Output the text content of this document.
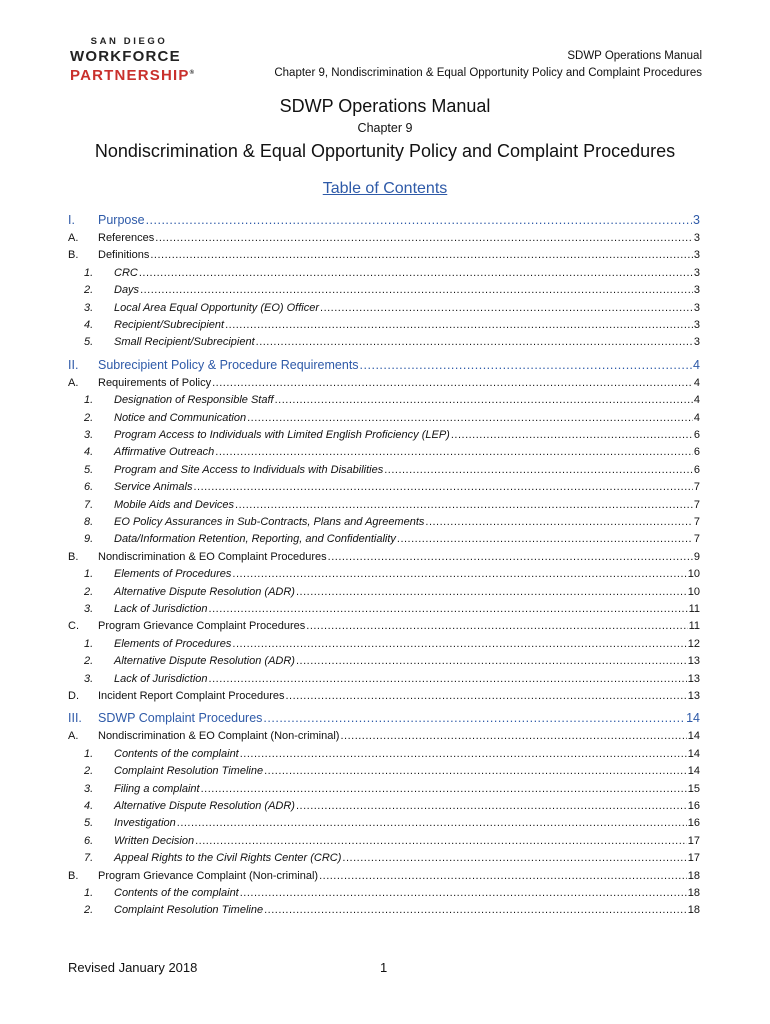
SAN DIEGO
WORKFORCE
PARTNERSHIP®
SDWP Operations Manual
Chapter 9, Nondiscrimination & Equal Opportunity Policy and Complaint Procedures
SDWP Operations Manual
Chapter 9
Nondiscrimination & Equal Opportunity Policy and Complaint Procedures
Table of Contents
I.	Purpose .....	3
A.	References .....	3
B.	Definitions .....	3
1.	CRC .....	3
2.	Days .....	3
3.	Local Area Equal Opportunity (EO) Officer .....	3
4.	Recipient/Subrecipient .....	3
5.	Small Recipient/Subrecipient .....	3
II.	Subrecipient Policy & Procedure Requirements .....	4
A.	Requirements of Policy .....	4
1.	Designation of Responsible Staff .....	4
2.	Notice and Communication .....	4
3.	Program Access to Individuals with Limited English Proficiency (LEP) .....	6
4.	Affirmative Outreach .....	6
5.	Program and Site Access to Individuals with Disabilities .....	6
6.	Service Animals .....	7
7.	Mobile Aids and Devices .....	7
8.	EO Policy Assurances in Sub-Contracts, Plans and Agreements .....	7
9.	Data/Information Retention, Reporting, and Confidentiality .....	7
B.	Nondiscrimination & EO Complaint Procedures .....	9
1.	Elements of Procedures .....	10
2.	Alternative Dispute Resolution (ADR) .....	10
3.	Lack of Jurisdiction .....	11
C.	Program Grievance Complaint Procedures .....	11
1.	Elements of Procedures .....	12
2.	Alternative Dispute Resolution (ADR) .....	13
3.	Lack of Jurisdiction .....	13
D.	Incident Report Complaint Procedures .....	13
III.	SDWP Complaint Procedures .....	14
A.	Nondiscrimination & EO Complaint (Non-criminal) .....	14
1.	Contents of the complaint .....	14
2.	Complaint Resolution Timeline .....	14
3.	Filing a complaint .....	15
4.	Alternative Dispute Resolution (ADR) .....	16
5.	Investigation .....	16
6.	Written Decision .....	17
7.	Appeal Rights to the Civil Rights Center (CRC) .....	17
B.	Program Grievance Complaint (Non-criminal) .....	18
1.	Contents of the complaint .....	18
2.	Complaint Resolution Timeline .....	18
Revised January 2018	1
